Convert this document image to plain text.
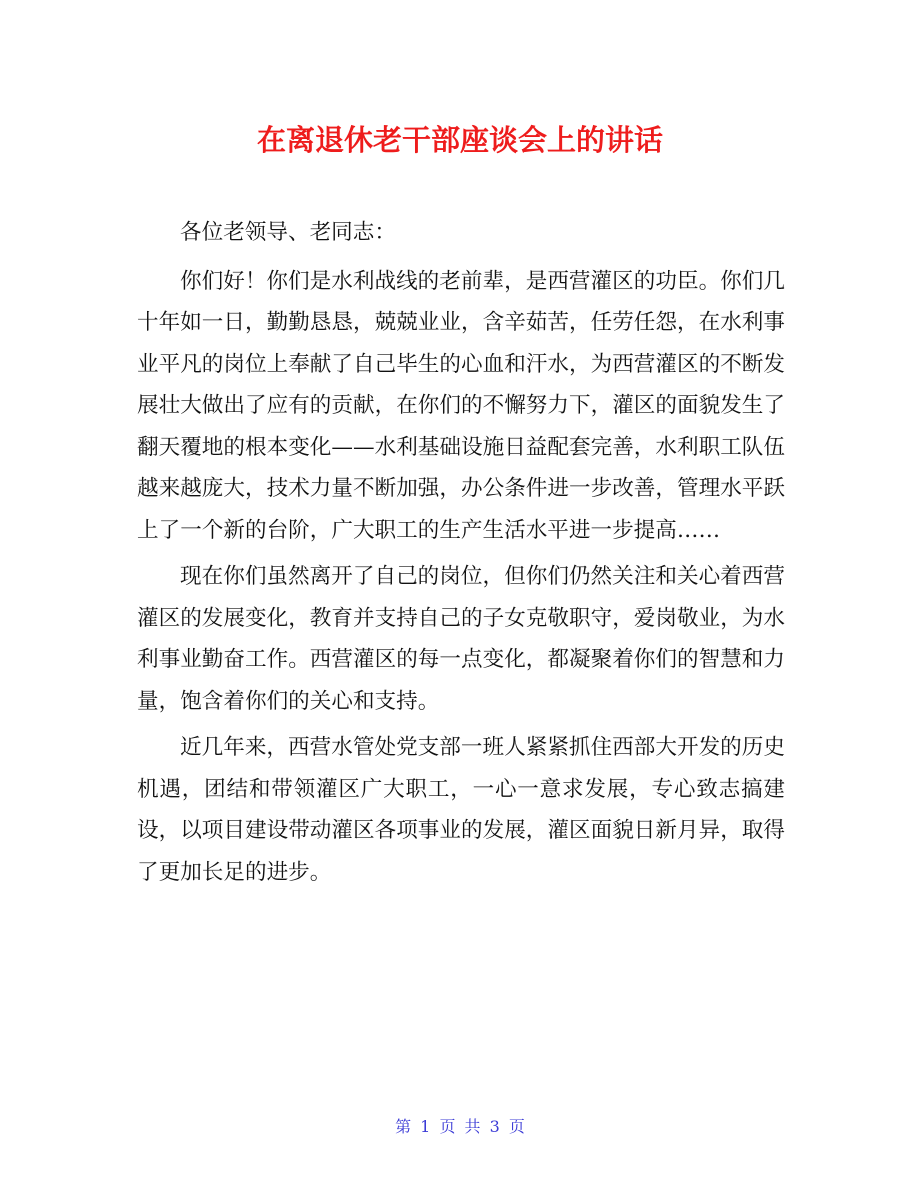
在离退休老干部座谈会上的讲话

各位老领导、老同志：

你们好！你们是水利战线的老前辈，是西营灌区的功臣。你们几十年如一日，勤勤恳恳，兢兢业业，含辛茹苦，任劳任怨，在水利事业平凡的岗位上奉献了自己毕生的心血和汗水，为西营灌区的不断发展壮大做出了应有的贡献，在你们的不懈努力下，灌区的面貌发生了翻天覆地的根本变化——水利基础设施日益配套完善，水利职工队伍越来越庞大，技术力量不断加强，办公条件进一步改善，管理水平跃上了一个新的台阶，广大职工的生产生活水平进一步提高……

现在你们虽然离开了自己的岗位，但你们仍然关注和关心着西营灌区的发展变化，教育并支持自己的子女克敬职守，爱岗敬业，为水利事业勤奋工作。西营灌区的每一点变化，都凝聚着你们的智慧和力量，饱含着你们的关心和支持。

近几年来，西营水管处党支部一班人紧紧抓住西部大开发的历史机遇，团结和带领灌区广大职工，一心一意求发展，专心致志搞建设，以项目建设带动灌区各项事业的发展，灌区面貌日新月异，取得了更加长足的进步。

第 1 页 共 3 页
